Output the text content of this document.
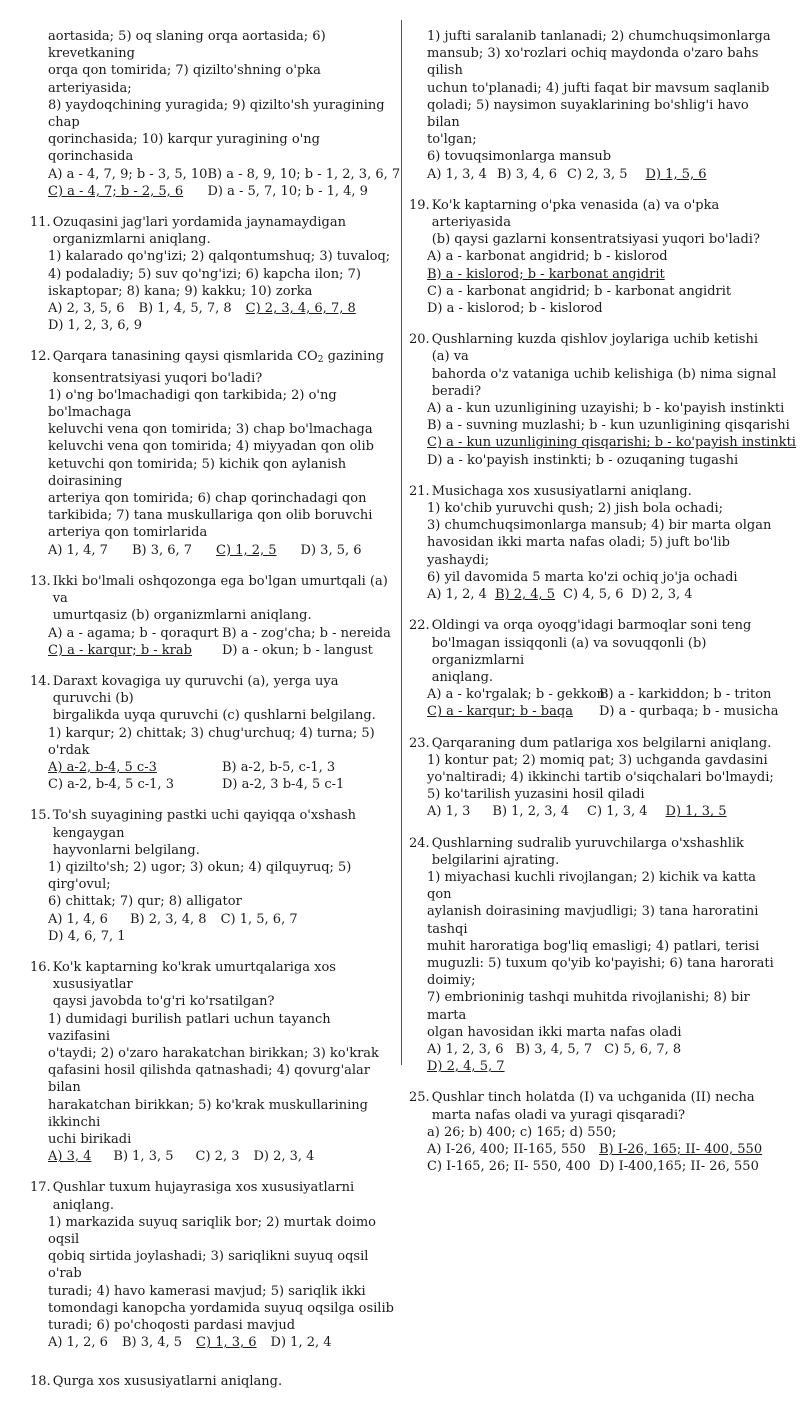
aortasida; 5) oq slaning orqa aortasida; 6) krevetkaning
orqa qon tomirida; 7) qizilto'shning o'pka arteriyasida;
8) yaydoqchining yuragida; 9) qizilto'sh yuragining chap
qorinchasida; 10) karqur yuragining o'ng qorinchasida
A) a - 4, 7, 9; b - 3, 5, 10 B) a - 8, 9, 10; b - 1, 2, 3, 6, 7
C) a - 4, 7; b - 2, 5, 6	D) a - 5, 7, 10; b - 1, 4, 9
11. Ozuqasini jag'lari yordamida jaynamaydigan
organizmlarni aniqlang.
1) kalarado qo'ng'izi; 2) qalqontumshuq; 3) tuvaloq;
4) podaladiy; 5) suv qo'ng'izi; 6) kapcha ilon; 7)
iskaptopar; 8) kana; 9) kakku; 10) zorka
A) 2, 3, 5, 6 B) 1, 4, 5, 7, 8 C) 2, 3, 4, 6, 7, 8
D) 1, 2, 3, 6, 9
12. Qarqara tanasining qaysi qismlarida $CO_2$ gazining
konsentratsiyasi yuqori bo'ladi?
1) o'ng bo'lmachadigi qon tarkibida; 2) o'ng bo'lmachaga
keluvchi vena qon tomirida; 3) chap bo'lmachaga
keluvchi vena qon tomirida; 4) miyyadan qon olib
ketuvchi qon tomirida; 5) kichik qon aylanish doirasining
arteriya qon tomirida; 6) chap qorinchadagi qon
tarkibida; 7) tana muskullariga qon olib boruvchi
arteriya qon tomirlarida
A) 1, 4, 7 B) 3, 6, 7 C) 1, 2, 5 D) 3, 5, 6
13. Ikki bo'lmali oshqozonga ega bo'lgan umurtqali (a) va
umurtqasiz (b) organizmlarni aniqlang.
A) a - agama; b - qoraqurt B) a - zog'cha; b - nereida
C) a - karqur; b - krab	D) a - okun; b - langust
14. Daraxt kovagiga uy quruvchi (a), yerga uya quruvchi (b)
birgalikda uyqa quruvchi (c) qushlarni belgilang.
1) karqur; 2) chittak; 3) chug'urchuq; 4) turna; 5) o'rdak
A) a-2, b-4, 5 c-3	B) a-2, b-5, c-1, 3
C) a-2, b-4, 5 c-1, 3	D) a-2, 3 b-4, 5 c-1
15. To'sh suyagining pastki uchi qayiqqa o'xshash kengaygan
hayvonlarni belgilang.
1) qizilto'sh; 2) ugor; 3) okun; 4) qilquyruq; 5) qirg'ovul;
6) chittak; 7) qur; 8) alligator
A) 1, 4, 6 B) 2, 3, 4, 8 C) 1, 5, 6, 7
D) 4, 6, 7, 1
16. Ko'k kaptarning ko'krak umurtqalariga xos xususiyatlar
qaysi javobda to'g'ri ko'rsatilgan?
1) dumidagi burilish patlari uchun tayanch vazifasini
o'taydi; 2) o'zaro harakatchan birikkan; 3) ko'krak
qafasini hosil qilishda qatnashadi; 4) qovurg'alar bilan
harakatchan birikkan; 5) ko'krak muskullarining ikkinchi
uchi birikadi
A) 3, 4 B) 1, 3, 5 C) 2, 3 D) 2, 3, 4
17. Qushlar tuxum hujayrasiga xos xususiyatlarni aniqlang.
1) markazida suyuq sariqlik bor; 2) murtak doimo oqsil
qobiq sirtida joylashadi; 3) sariqlikni suyuq oqsil o'rab
turadi; 4) havo kamerasi mavjud; 5) sariqlik ikki
tomondagi kanopcha yordamida suyuq oqsilga osilib
turadi; 6) po'choqosti pardasi mavjud
A) 1, 2, 6 B) 3, 4, 5 C) 1, 3, 6 D) 1, 2, 4
18. Qurga xos xususiyatlarni aniqlang.
1) jufti saralanib tanlanadi; 2) chumchuqsimonlarga
mansub; 3) xo'rozlari ochiq maydonda o'zaro bahs qilish
uchun to'planadi; 4) jufti faqat bir mavsum saqlanib
qoladi; 5) naysimon suyaklarining bo'shlig'i havo bilan
to'lgan;
6) tovuqsimonlarga mansub
A) 1, 3, 4 B) 3, 4, 6 C) 2, 3, 5 D) 1, 5, 6
19. Ko'k kaptarning o'pka venasida (a) va o'pka arteriyasida
(b) qaysi gazlarni konsentratsiyasi yuqori bo'ladi?
A) a - karbonat angidrid; b - kislorod
B) a - kislorod; b - karbonat angidrit
C) a - karbonat angidrid; b - karbonat angidrit
D) a - kislorod; b - kislorod
20. Qushlarning kuzda qishlov joylariga uchib ketishi (a) va
bahorda o'z vataniga uchib kelishiga (b) nima signal
beradi?
A) a - kun uzunligining uzayishi; b - ko'payish instinkti
B) a - suvning muzlashi; b - kun uzunligining qisqarishi
C) a - kun uzunligining qisqarishi; b - ko'payish instinkti
D) a - ko'payish instinkti; b - ozuqaning tugashi
21. Musichaga xos xususiyatlarni aniqlang.
1) ko'chib yuruvchi qush; 2) jish bola ochadi;
3) chumchuqsimonlarga mansub; 4) bir marta olgan
havosidan ikki marta nafas oladi; 5) juft bo'lib yashaydi;
6) yil davomida 5 marta ko'zi ochiq jo'ja ochadi
A) 1, 2, 4 B) 2, 4, 5 C) 4, 5, 6 D) 2, 3, 4
22. Oldingi va orqa oyoqg'idagi barmoqlar soni teng
bo'lmagan issiqqonli (a) va sovuqqonli (b) organizmlarni
aniqlang.
A) a - ko'rgalak; b - gekkon
B) a - karkiddon; b - triton
C) a - karqur; b - baqa	D) a - qurbaqa; b - musicha
23. Qarqaraning dum patlariga xos belgilarni aniqlang.
1) kontur pat; 2) momiq pat; 3) uchganda gavdasini
yo'naltiradi; 4) ikkinchi tartib o'siqchalari bo'lmaydi;
5) ko'tarilish yuzasini hosil qiladi
A) 1, 3 B) 1, 2, 3, 4 C) 1, 3, 4 D) 1, 3, 5
24. Qushlarning sudralib yuruvchilarga o'xshashlik
belgilarini ajrating.
1) miyachasi kuchli rivojlangan; 2) kichik va katta qon
aylanish doirasining mavjudligi; 3) tana haroratini tashqi
muhit haroratiga bog'liq emasligi; 4) patlari, terisi
muguzli: 5) tuxum qo'yib ko'payishi; 6) tana harorati
doimiy;
7) embrioninig tashqi muhitda rivojlanishi; 8) bir marta
olgan havosidan ikki marta nafas oladi
A) 1, 2, 3, 6 B) 3, 4, 5, 7 C) 5, 6, 7, 8
D) 2, 4, 5, 7
25. Qushlar tinch holatda (I) va uchganida (II) necha
marta nafas oladi va yuragi qisqaradi?
a) 26; b) 400; c) 165; d) 550;
A) I-26, 400; II-165, 550	B) I-26, 165; II- 400, 550
C) I-165, 26; II- 550, 400 D) I-400,165; II- 26, 550
